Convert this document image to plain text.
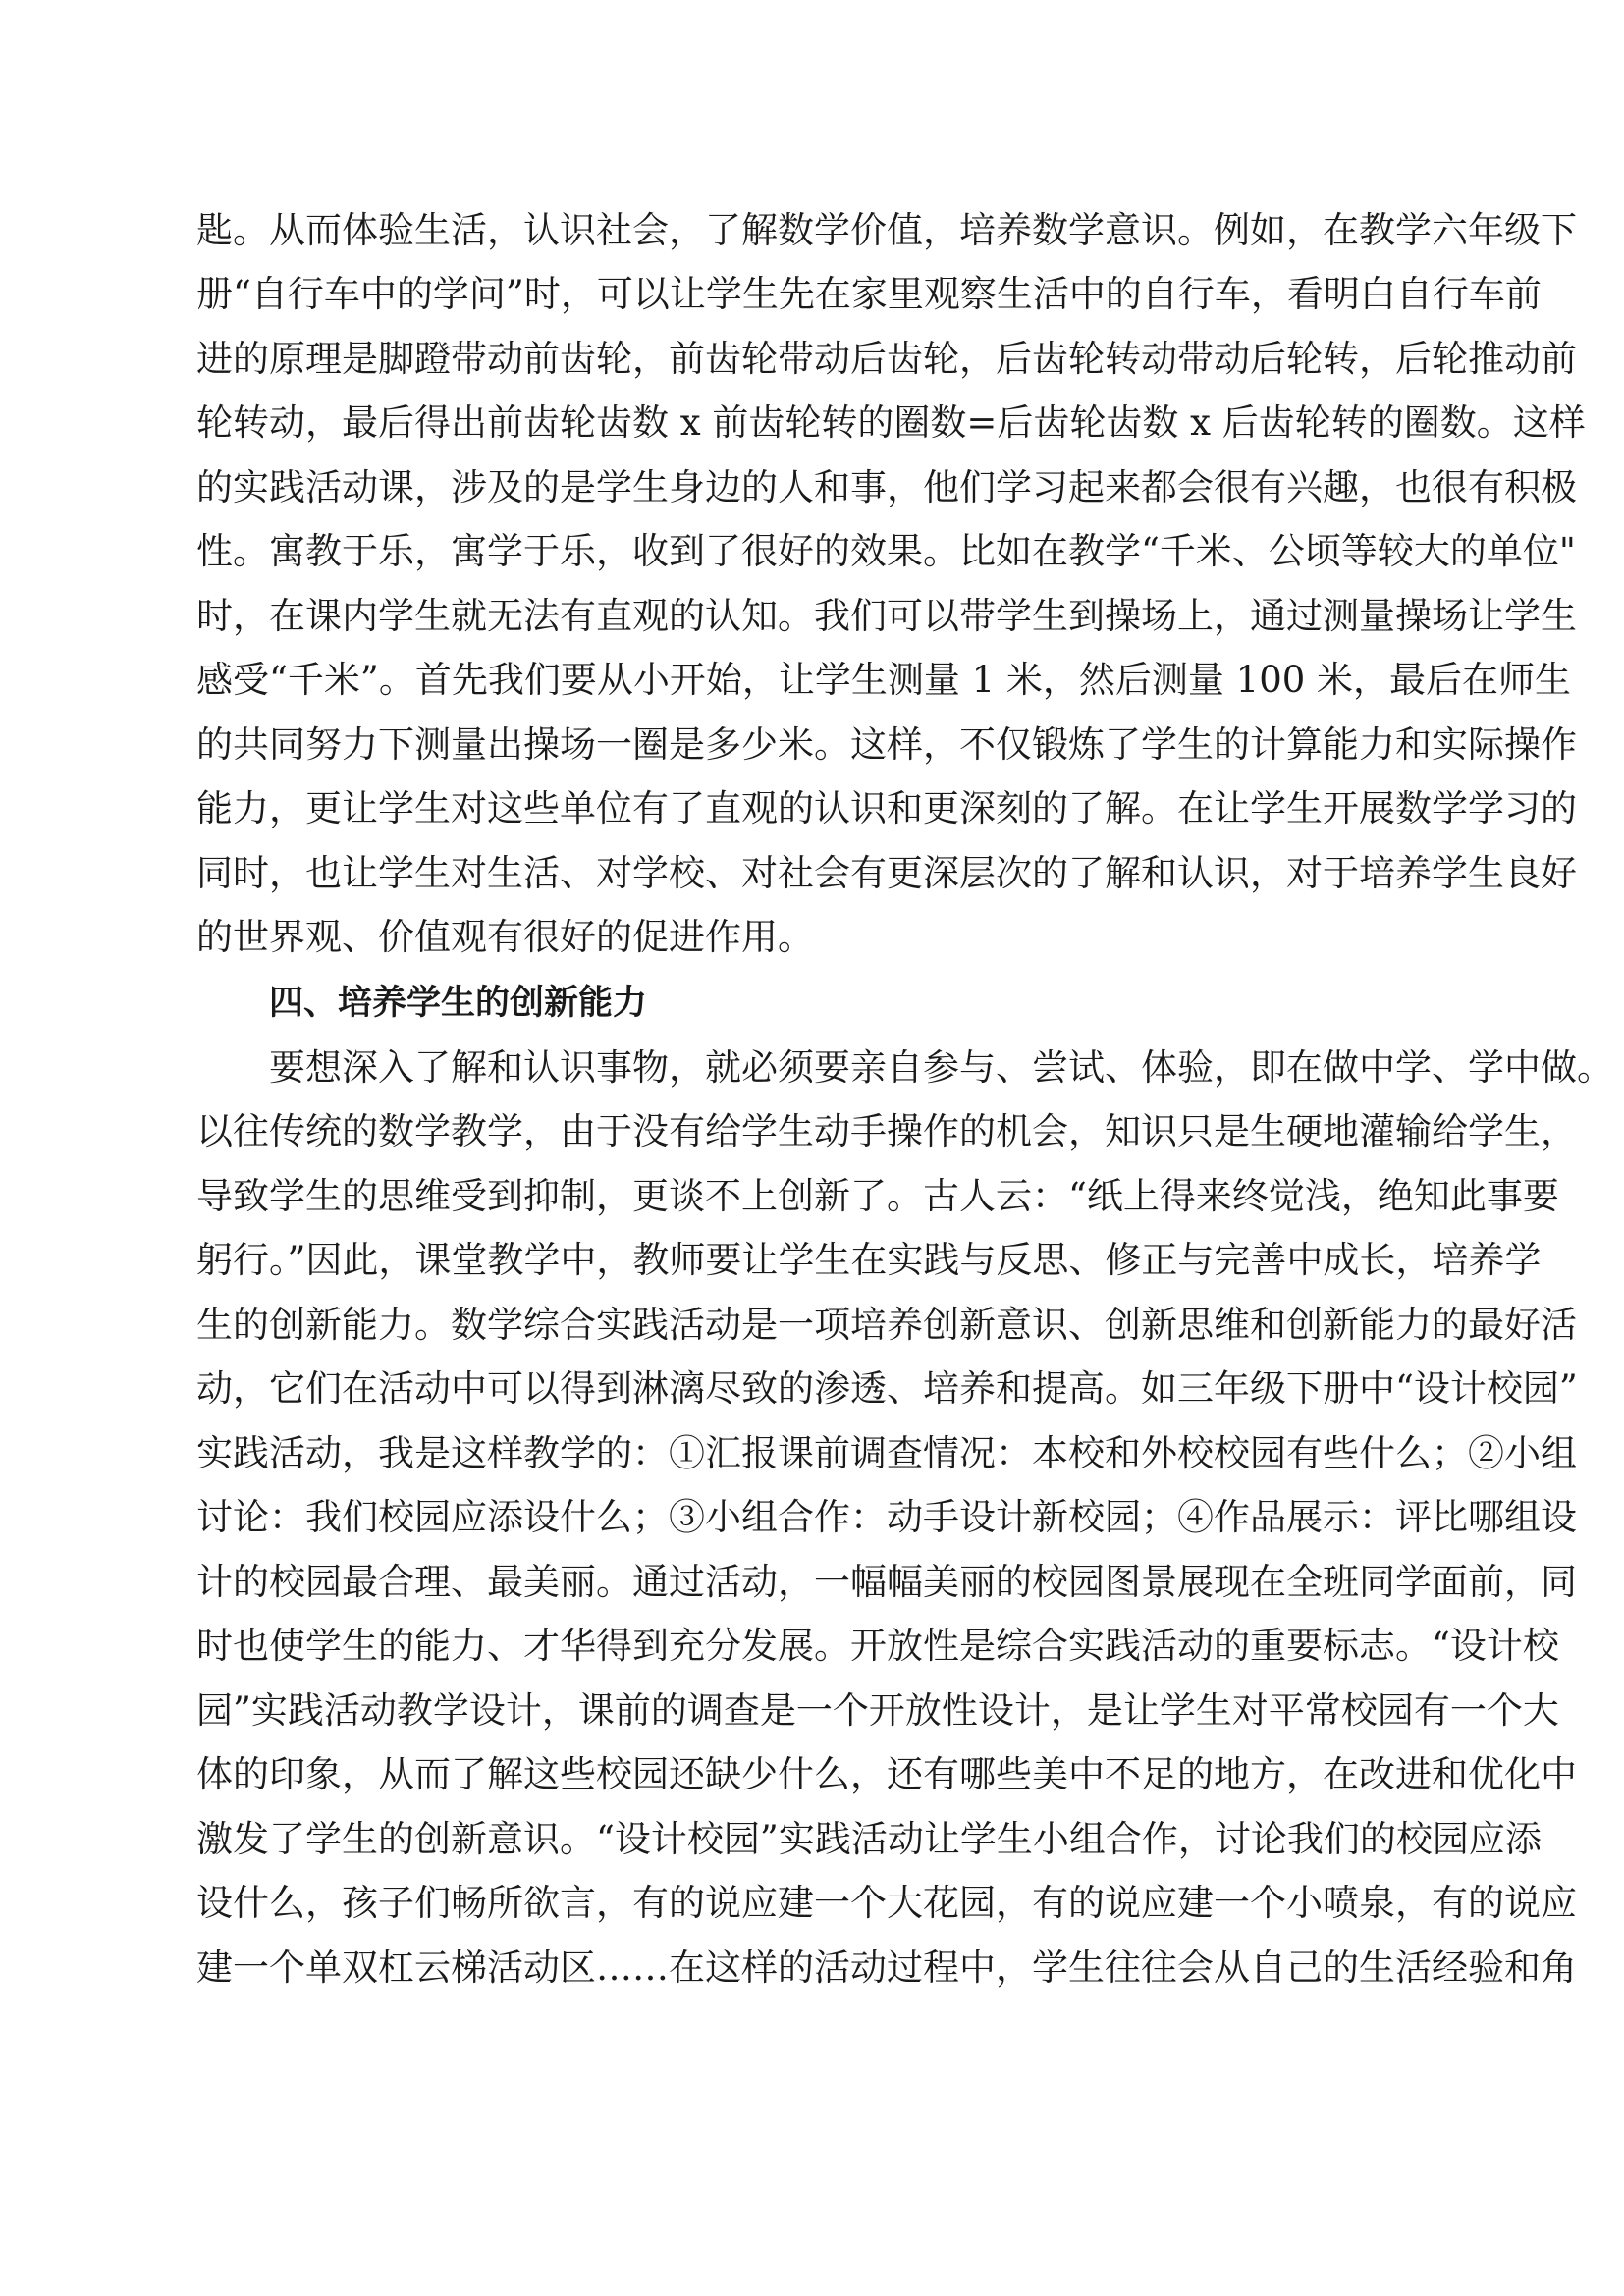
匙。从而体验生活，认识社会，了解数学价值，培养数学意识。例如，在教学六年级下
册“自行车中的学问”时，可以让学生先在家里观察生活中的自行车，看明白自行车前
进的原理是脚蹬带动前齿轮，前齿轮带动后齿轮，后齿轮转动带动后轮转，后轮推动前
轮转动，最后得出前齿轮齿数 x 前齿轮转的圈数=后齿轮齿数 x 后齿轮转的圈数。这样
的实践活动课，涉及的是学生身边的人和事，他们学习起来都会很有兴趣，也很有积极
性。寓教于乐，寓学于乐，收到了很好的效果。比如在教学“千米、公顷等较大的单位"
时，在课内学生就无法有直观的认知。我们可以带学生到操场上，通过测量操场让学生
感受“千米”。首先我们要从小开始，让学生测量 1 米，然后测量 100 米，最后在师生
的共同努力下测量出操场一圈是多少米。这样，不仅锻炼了学生的计算能力和实际操作
能力，更让学生对这些单位有了直观的认识和更深刻的了解。在让学生开展数学学习的
同时，也让学生对生活、对学校、对社会有更深层次的了解和认识，对于培养学生良好
的世界观、价值观有很好的促进作用。
四、培养学生的创新能力
要想深入了解和认识事物，就必须要亲自参与、尝试、体验，即在做中学、学中做。
以往传统的数学教学，由于没有给学生动手操作的机会，知识只是生硬地灌输给学生，
导致学生的思维受到抑制，更谈不上创新了。古人云：“纸上得来终觉浅，绝知此事要
躬行。”因此，课堂教学中，教师要让学生在实践与反思、修正与完善中成长，培养学
生的创新能力。数学综合实践活动是一项培养创新意识、创新思维和创新能力的最好活
动，它们在活动中可以得到淋漓尽致的渗透、培养和提高。如三年级下册中“设计校园”
实践活动，我是这样教学的：①汇报课前调查情况：本校和外校校园有些什么；②小组
讨论：我们校园应添设什么；③小组合作：动手设计新校园；④作品展示：评比哪组设
计的校园最合理、最美丽。通过活动，一幅幅美丽的校园图景展现在全班同学面前，同
时也使学生的能力、才华得到充分发展。开放性是综合实践活动的重要标志。“设计校
园”实践活动教学设计，课前的调查是一个开放性设计，是让学生对平常校园有一个大
体的印象，从而了解这些校园还缺少什么，还有哪些美中不足的地方，在改进和优化中
激发了学生的创新意识。“设计校园”实践活动让学生小组合作，讨论我们的校园应添
设什么，孩子们畅所欲言，有的说应建一个大花园，有的说应建一个小喷泉，有的说应
建一个单双杠云梯活动区……在这样的活动过程中，学生往往会从自己的生活经验和角
